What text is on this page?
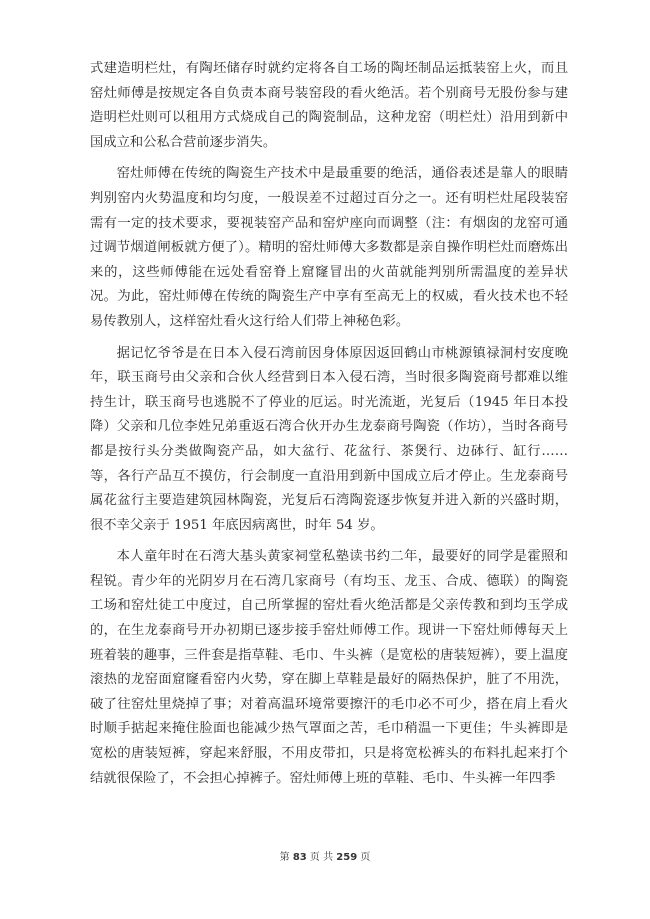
式建造明栏灶，有陶坯储存时就约定将各自工场的陶坯制品运抵装窑上火，而且窑灶师傅是按规定各自负责本商号装窑段的看火绝活。若个别商号无股份参与建造明栏灶则可以租用方式烧成自己的陶瓷制品，这种龙窑（明栏灶）沿用到新中国成立和公私合营前逐步消失。

窑灶师傅在传统的陶瓷生产技术中是最重要的绝活，通俗表述是靠人的眼睛判别窑内火势温度和均匀度，一般误差不过超过百分之一。还有明栏灶尾段装窑需有一定的技术要求，要视装窑产品和窑炉座向而调整（注：有烟囱的龙窑可通过调节烟道闸板就方便了）。精明的窑灶师傅大多数都是亲自操作明栏灶而磨炼出来的，这些师傅能在远处看窑脊上窟窿冒出的火苗就能判别所需温度的差异状况。为此，窑灶师傅在传统的陶瓷生产中享有至高无上的权威，看火技术也不轻易传教别人，这样窑灶看火这行给人们带上神秘色彩。

据记忆爷爷是在日本入侵石湾前因身体原因返回鹤山市桃源镇禄洞村安度晚年，联玉商号由父亲和合伙人经营到日本入侵石湾，当时很多陶瓷商号都难以维持生计，联玉商号也逃脱不了停业的厄运。时光流逝，光复后（1945 年日本投降）父亲和几位李姓兄弟重返石湾合伙开办生龙泰商号陶瓷（作坊），当时各商号都是按行头分类做陶瓷产品，如大盆行、花盆行、茶煲行、边砵行、缸行……等，各行产品互不摸仿，行会制度一直沿用到新中国成立后才停止。生龙泰商号属花盆行主要造建筑园林陶瓷，光复后石湾陶瓷逐步恢复并进入新的兴盛时期，很不幸父亲于 1951 年底因病离世，时年 54 岁。

本人童年时在石湾大基头黄家祠堂私塾读书约二年，最要好的同学是霍照和程锐。青少年的光阴岁月在石湾几家商号（有均玉、龙玉、合成、德联）的陶瓷工场和窑灶徒工中度过，自己所掌握的窑灶看火绝活都是父亲传教和到均玉学成的，在生龙泰商号开办初期已逐步接手窑灶师傅工作。现讲一下窑灶师傅每天上班着装的趣事，三件套是指草鞋、毛巾、牛头裤（是宽松的唐装短裤），要上温度滚热的龙窑面窟窿看窑内火势，穿在脚上草鞋是最好的隔热保护，脏了不用洗，破了往窑灶里烧掉了事；对着高温环境常要擦汗的毛巾必不可少，搭在肩上看火时顺手掂起来掩住脸面也能减少热气罩面之苦，毛巾稍温一下更佳；牛头裤即是宽松的唐装短裤，穿起来舒服，不用皮带扣，只是将宽松裤头的布料扎起来打个结就很保险了，不会担心掉裤子。窑灶师傅上班的草鞋、毛巾、牛头裤一年四季

第 83 页 共 259 页
